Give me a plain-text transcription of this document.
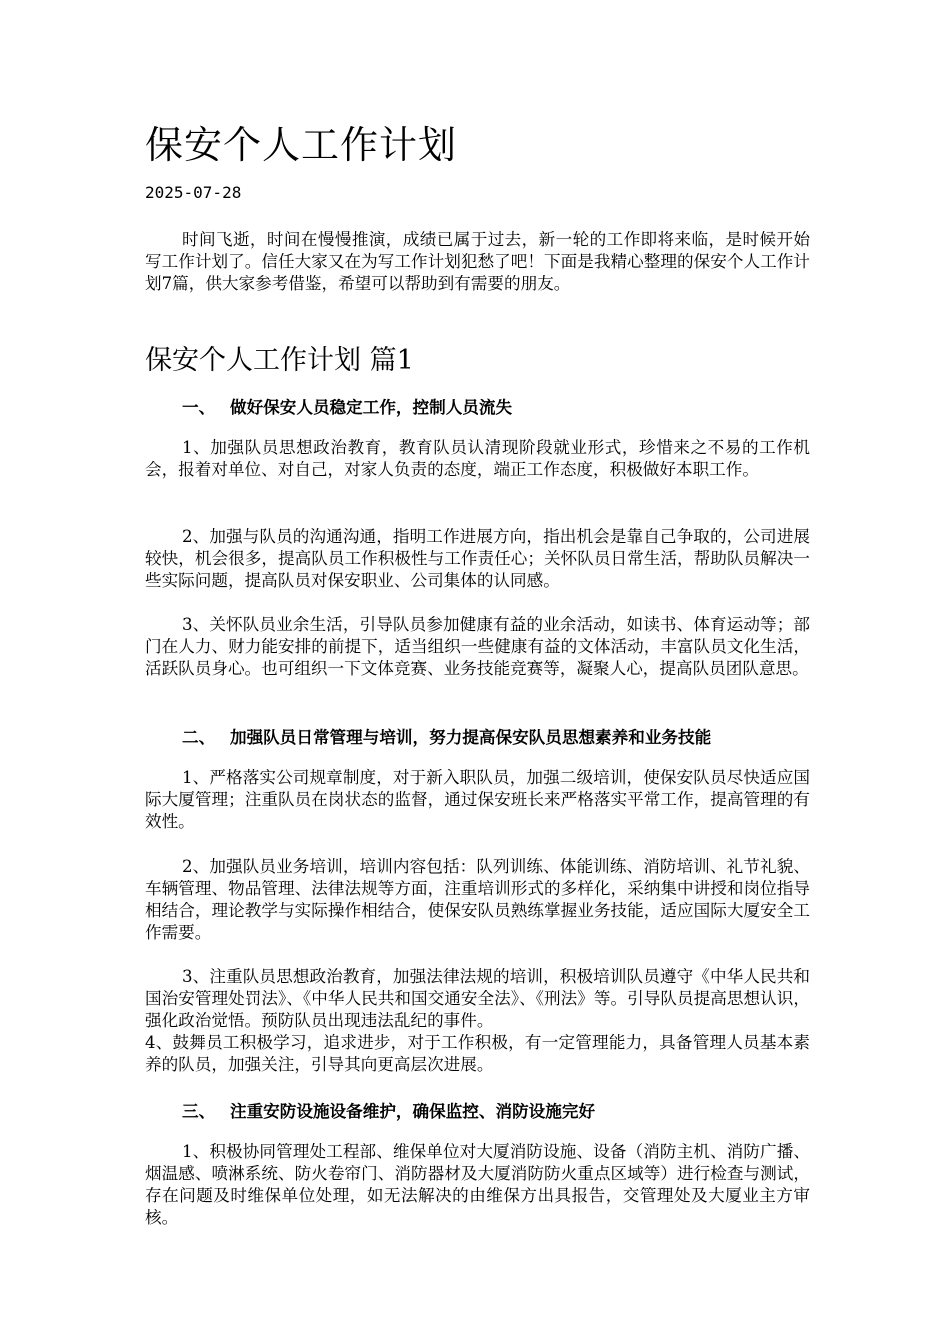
保安个人工作计划
2025-07-28

时间飞逝，时间在慢慢推演，成绩已属于过去，新一轮的工作即将来临，是时候开始写工作计划了。信任大家又在为写工作计划犯愁了吧！下面是我精心整理的保安个人工作计划7篇，供大家参考借鉴，希望可以帮助到有需要的朋友。

保安个人工作计划 篇1
一、 做好保安人员稳定工作，控制人员流失

1、加强队员思想政治教育，教育队员认清现阶段就业形式，珍惜来之不易的工作机会，报着对单位、对自己，对家人负责的态度，端正工作态度，积极做好本职工作。

2、加强与队员的沟通沟通，指明工作进展方向，指出机会是靠自己争取的，公司进展较快，机会很多，提高队员工作积极性与工作责任心；关怀队员日常生活，帮助队员解决一些实际问题，提高队员对保安职业、公司集体的认同感。

3、关怀队员业余生活，引导队员参加健康有益的业余活动，如读书、体育运动等；部门在人力、财力能安排的前提下，适当组织一些健康有益的文体活动，丰富队员文化生活，活跃队员身心。也可组织一下文体竞赛、业务技能竞赛等，凝聚人心，提高队员团队意思。

二、 加强队员日常管理与培训，努力提高保安队员思想素养和业务技能

1、严格落实公司规章制度，对于新入职队员，加强二级培训，使保安队员尽快适应国际大厦管理；注重队员在岗状态的监督，通过保安班长来严格落实平常工作，提高管理的有效性。

2、加强队员业务培训，培训内容包括：队列训练、体能训练、消防培训、礼节礼貌、车辆管理、物品管理、法律法规等方面，注重培训形式的多样化，采纳集中讲授和岗位指导相结合，理论教学与实际操作相结合，使保安队员熟练掌握业务技能，适应国际大厦安全工作需要。

3、注重队员思想政治教育，加强法律法规的培训，积极培训队员遵守《中华人民共和国治安管理处罚法》、《中华人民共和国交通安全法》、《刑法》等。引导队员提高思想认识，强化政治觉悟。预防队员出现违法乱纪的事件。

4、鼓舞员工积极学习，追求进步，对于工作积极，有一定管理能力，具备管理人员基本素养的队员，加强关注，引导其向更高层次进展。

三、 注重安防设施设备维护，确保监控、消防设施完好

1、积极协同管理处工程部、维保单位对大厦消防设施、设备（消防主机、消防广播、烟温感、喷淋系统、防火卷帘门、消防器材及大厦消防防火重点区域等）进行检查与测试，存在问题及时维保单位处理，如无法解决的由维保方出具报告，交管理处及大厦业主方审核。
